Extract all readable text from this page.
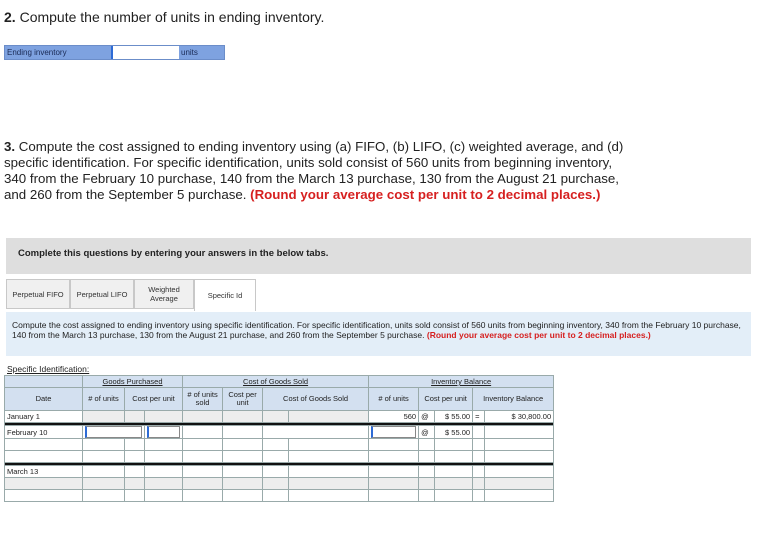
2. Compute the number of units in ending inventory.
Ending inventory	units
3. Compute the cost assigned to ending inventory using (a) FIFO, (b) LIFO, (c) weighted average, and (d) specific identification. For specific identification, units sold consist of 560 units from beginning inventory, 340 from the February 10 purchase, 140 from the March 13 purchase, 130 from the August 21 purchase, and 260 from the September 5 purchase. (Round your average cost per unit to 2 decimal places.)
Complete this questions by entering your answers in the below tabs.
Perpetual FIFO	Perpetual LIFO	Weighted Average	Specific Id

Compute the cost assigned to ending inventory using specific identification. For specific identification, units sold consist of 560 units from beginning inventory, 340 from the February 10 purchase, 140 from the March 13 purchase, 130 from the August 21 purchase, and 260 from the September 5 purchase. (Round your average cost per unit to 2 decimal places.)

Specific Identification:
	Goods Purchased			Cost of Goods Sold				Inventory Balance				
Date	# of units	Cost per unit		# of units sold	Cost per unit	Cost of Goods Sold		# of units	Cost per unit		Inventory Balance	
January 1								560	@	$ 55.00	=	$ 30,800.00

February 10									@	$ 55.00		

March 13												
